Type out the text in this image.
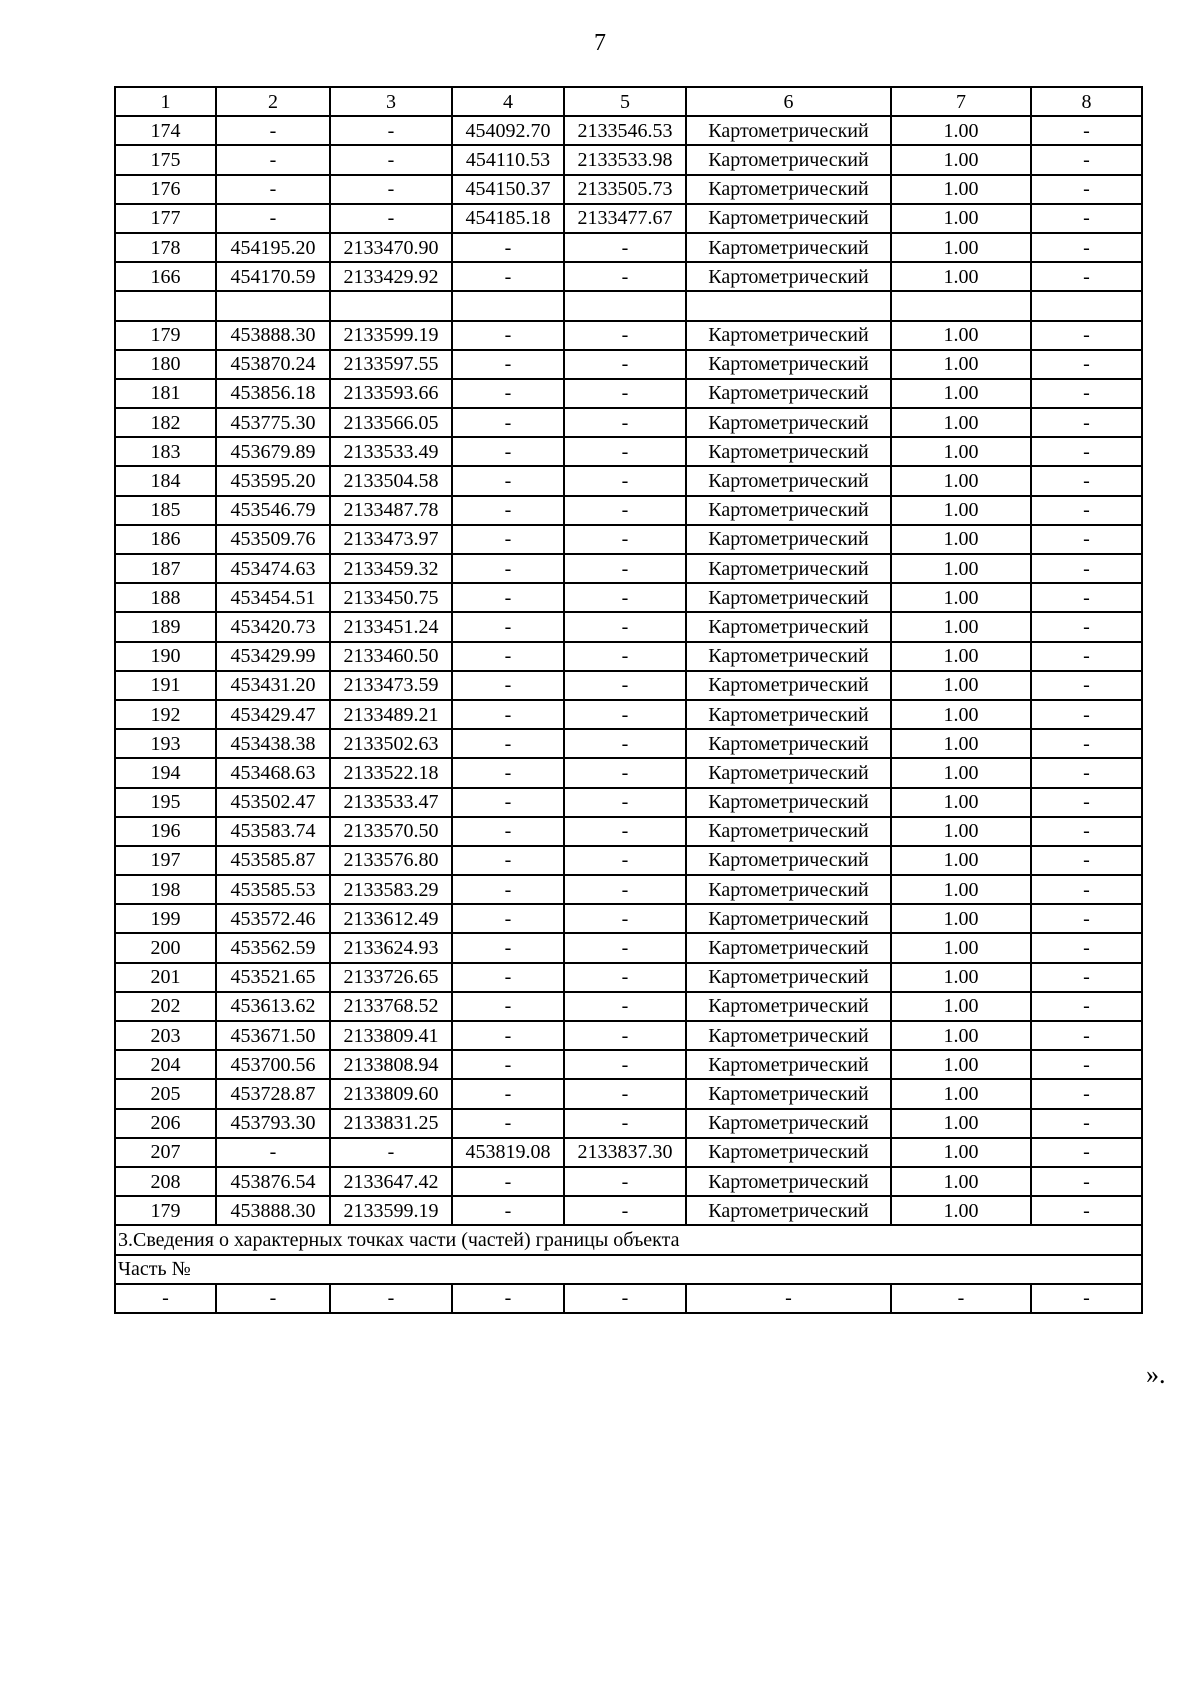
7
1	2	3	4	5	6	7	8
174	-	-	454092.70	2133546.53	Картометрический	1.00	-
175	-	-	454110.53	2133533.98	Картометрический	1.00	-
176	-	-	454150.37	2133505.73	Картометрический	1.00	-
177	-	-	454185.18	2133477.67	Картометрический	1.00	-
178	454195.20	2133470.90	-	-	Картометрический	1.00	-
166	454170.59	2133429.92	-	-	Картометрический	1.00	-

179	453888.30	2133599.19	-	-	Картометрический	1.00	-
180	453870.24	2133597.55	-	-	Картометрический	1.00	-
181	453856.18	2133593.66	-	-	Картометрический	1.00	-
182	453775.30	2133566.05	-	-	Картометрический	1.00	-
183	453679.89	2133533.49	-	-	Картометрический	1.00	-
184	453595.20	2133504.58	-	-	Картометрический	1.00	-
185	453546.79	2133487.78	-	-	Картометрический	1.00	-
186	453509.76	2133473.97	-	-	Картометрический	1.00	-
187	453474.63	2133459.32	-	-	Картометрический	1.00	-
188	453454.51	2133450.75	-	-	Картометрический	1.00	-
189	453420.73	2133451.24	-	-	Картометрический	1.00	-
190	453429.99	2133460.50	-	-	Картометрический	1.00	-
191	453431.20	2133473.59	-	-	Картометрический	1.00	-
192	453429.47	2133489.21	-	-	Картометрический	1.00	-
193	453438.38	2133502.63	-	-	Картометрический	1.00	-
194	453468.63	2133522.18	-	-	Картометрический	1.00	-
195	453502.47	2133533.47	-	-	Картометрический	1.00	-
196	453583.74	2133570.50	-	-	Картометрический	1.00	-
197	453585.87	2133576.80	-	-	Картометрический	1.00	-
198	453585.53	2133583.29	-	-	Картометрический	1.00	-
199	453572.46	2133612.49	-	-	Картометрический	1.00	-
200	453562.59	2133624.93	-	-	Картометрический	1.00	-
201	453521.65	2133726.65	-	-	Картометрический	1.00	-
202	453613.62	2133768.52	-	-	Картометрический	1.00	-
203	453671.50	2133809.41	-	-	Картометрический	1.00	-
204	453700.56	2133808.94	-	-	Картометрический	1.00	-
205	453728.87	2133809.60	-	-	Картометрический	1.00	-
206	453793.30	2133831.25	-	-	Картометрический	1.00	-
207	-	-	453819.08	2133837.30	Картометрический	1.00	-
208	453876.54	2133647.42	-	-	Картометрический	1.00	-
179	453888.30	2133599.19	-	-	Картометрический	1.00	-
3.Сведения о характерных точках части (частей) границы объекта							
Часть №							
-	-	-	-	-	-	-	-
».
